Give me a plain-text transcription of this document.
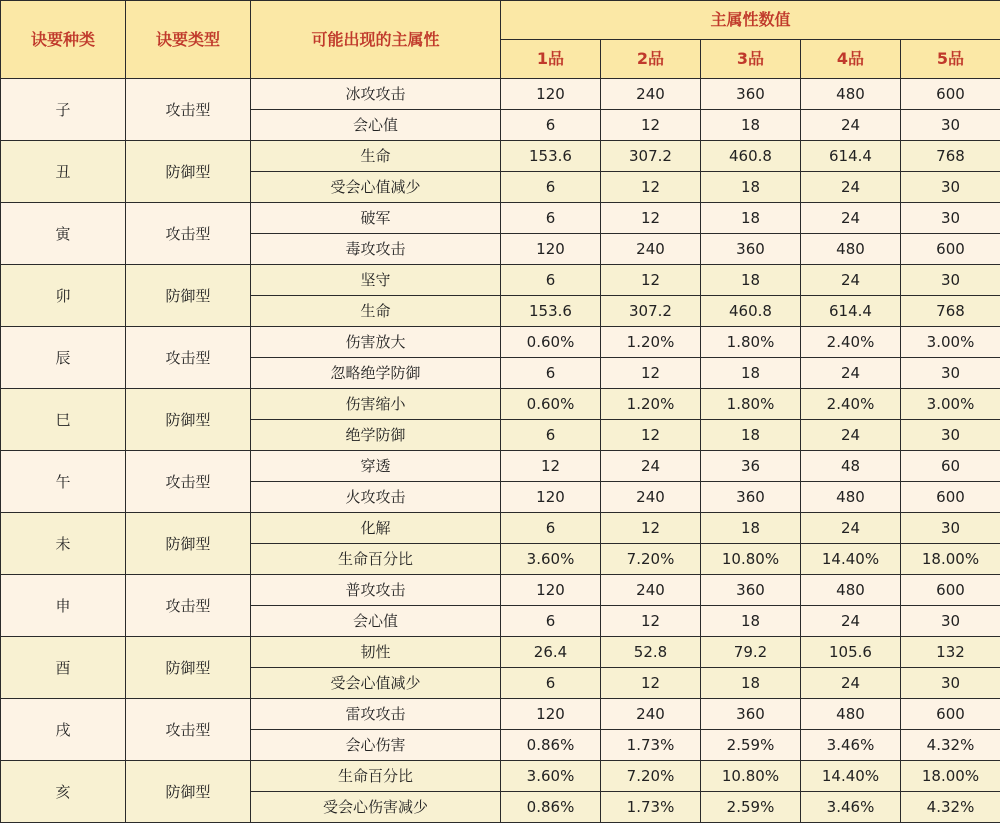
诀要种类	诀要类型	可能出现的主属性	主属性数值				
			1品	2品	3品	4品	5品
子	攻击型	冰攻攻击	120	240	360	480	600
		会心值	6	12	18	24	30
丑	防御型	生命	153.6	307.2	460.8	614.4	768
		受会心值减少	6	12	18	24	30
寅	攻击型	破军	6	12	18	24	30
		毒攻攻击	120	240	360	480	600
卯	防御型	坚守	6	12	18	24	30
		生命	153.6	307.2	460.8	614.4	768
辰	攻击型	伤害放大	0.60%	1.20%	1.80%	2.40%	3.00%
		忽略绝学防御	6	12	18	24	30
巳	防御型	伤害缩小	0.60%	1.20%	1.80%	2.40%	3.00%
		绝学防御	6	12	18	24	30
午	攻击型	穿透	12	24	36	48	60
		火攻攻击	120	240	360	480	600
未	防御型	化解	6	12	18	24	30
		生命百分比	3.60%	7.20%	10.80%	14.40%	18.00%
申	攻击型	普攻攻击	120	240	360	480	600
		会心值	6	12	18	24	30
酉	防御型	韧性	26.4	52.8	79.2	105.6	132
		受会心值减少	6	12	18	24	30
戌	攻击型	雷攻攻击	120	240	360	480	600
		会心伤害	0.86%	1.73%	2.59%	3.46%	4.32%
亥	防御型	生命百分比	3.60%	7.20%	10.80%	14.40%	18.00%
		受会心伤害减少	0.86%	1.73%	2.59%	3.46%	4.32%
